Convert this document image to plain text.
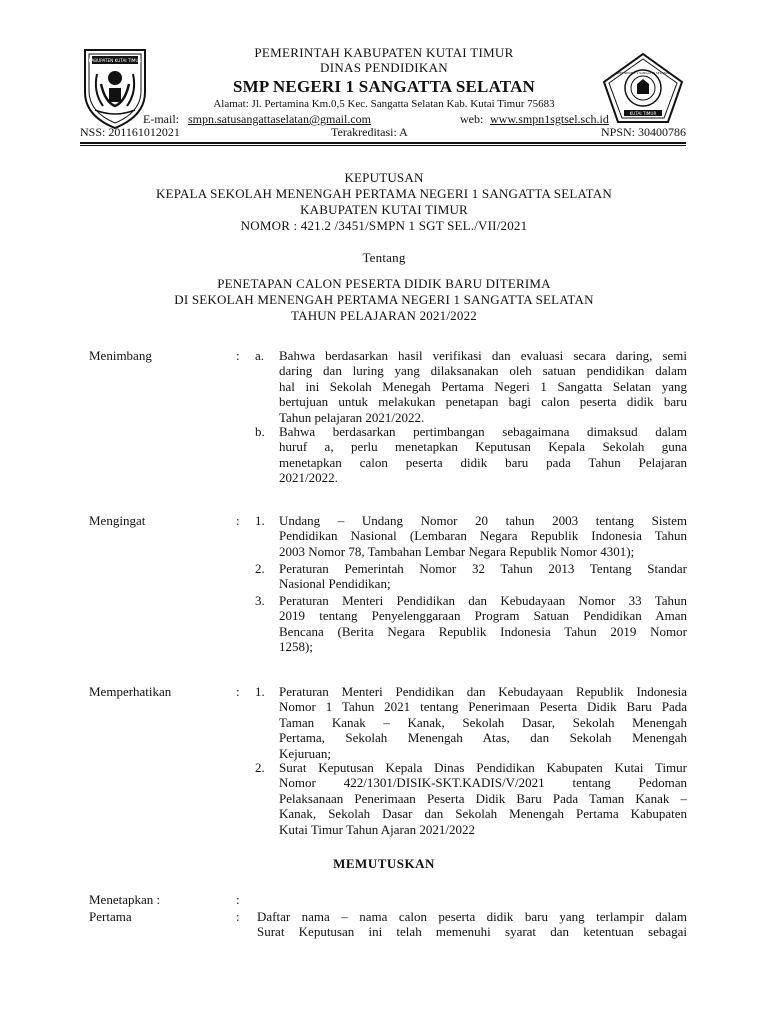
KABUPATEN KUTAI TIMUR
PEMERINTAH KABUPATEN KUTAI TIMUR
DINAS PENDIDIKAN
SMP NEGERI 1 SANGATTA SELATAN
Alamat: Jl. Pertamina Km.0,5 Kec. Sangatta Selatan Kab. Kutai Timur 75683
E-mail: smpn.satusangattaselatan@gmail.com	web: www.smpn1sgtsel.sch.id
NSS: 201161012021	Terakreditasi: A	NPSN: 30400786
SMP NEGERI 1 SANGATTA SELATAN
KUTAI TIMUR
KEPUTUSAN
KEPALA SEKOLAH MENENGAH PERTAMA NEGERI 1 SANGATTA SELATAN
KABUPATEN KUTAI TIMUR
NOMOR : 421.2 /3451/SMPN 1 SGT SEL./VII/2021
Tentang
PENETAPAN CALON PESERTA DIDIK BARU DITERIMA
DI SEKOLAH MENENGAH PERTAMA NEGERI 1 SANGATTA SELATAN
TAHUN PELAJARAN 2021/2022
Menimbang	: a. Bahwa berdasarkan hasil verifikasi dan evaluasi secara daring, semi
daring dan luring yang dilaksanakan oleh satuan pendidikan dalam
hal ini Sekolah Menegah Pertama Negeri 1 Sangatta Selatan yang
bertujuan untuk melakukan penetapan bagi calon peserta didik baru
Tahun pelajaran 2021/2022.
b. Bahwa berdasarkan pertimbangan sebagaimana dimaksud dalam
huruf a, perlu menetapkan Keputusan Kepala Sekolah guna
menetapkan calon peserta didik baru pada Tahun Pelajaran
2021/2022.
Mengingat	: 1. Undang – Undang Nomor 20 tahun 2003 tentang Sistem
Pendidikan Nasional (Lembaran Negara Republik Indonesia Tahun
2003 Nomor 78, Tambahan Lembar Negara Republik Nomor 4301);
2. Peraturan Pemerintah Nomor 32 Tahun 2013 Tentang Standar
Nasional Pendidikan;
3. Peraturan Menteri Pendidikan dan Kebudayaan Nomor 33 Tahun
2019 tentang Penyelenggaraan Program Satuan Pendidikan Aman
Bencana (Berita Negara Republik Indonesia Tahun 2019 Nomor
1258);
Memperhatikan	: 1. Peraturan Menteri Pendidikan dan Kebudayaan Republik Indonesia
Nomor 1 Tahun 2021 tentang Penerimaan Peserta Didik Baru Pada
Taman Kanak – Kanak, Sekolah Dasar, Sekolah Menengah
Pertama, Sekolah Menengah Atas, dan Sekolah Menengah
Kejuruan;
2. Surat Keputusan Kepala Dinas Pendidikan Kabupaten Kutai Timur
Nomor 422/1301/DISIK-SKT.KADIS/V/2021 tentang Pedoman
Pelaksanaan Penerimaan Peserta Didik Baru Pada Taman Kanak –
Kanak, Sekolah Dasar dan Sekolah Menengah Pertama Kabupaten
Kutai Timur Tahun Ajaran 2021/2022
MEMUTUSKAN
Menetapkan :	:
Pertama	: Daftar nama – nama calon peserta didik baru yang terlampir dalam
Surat Keputusan ini telah memenuhi syarat dan ketentuan sebagai
